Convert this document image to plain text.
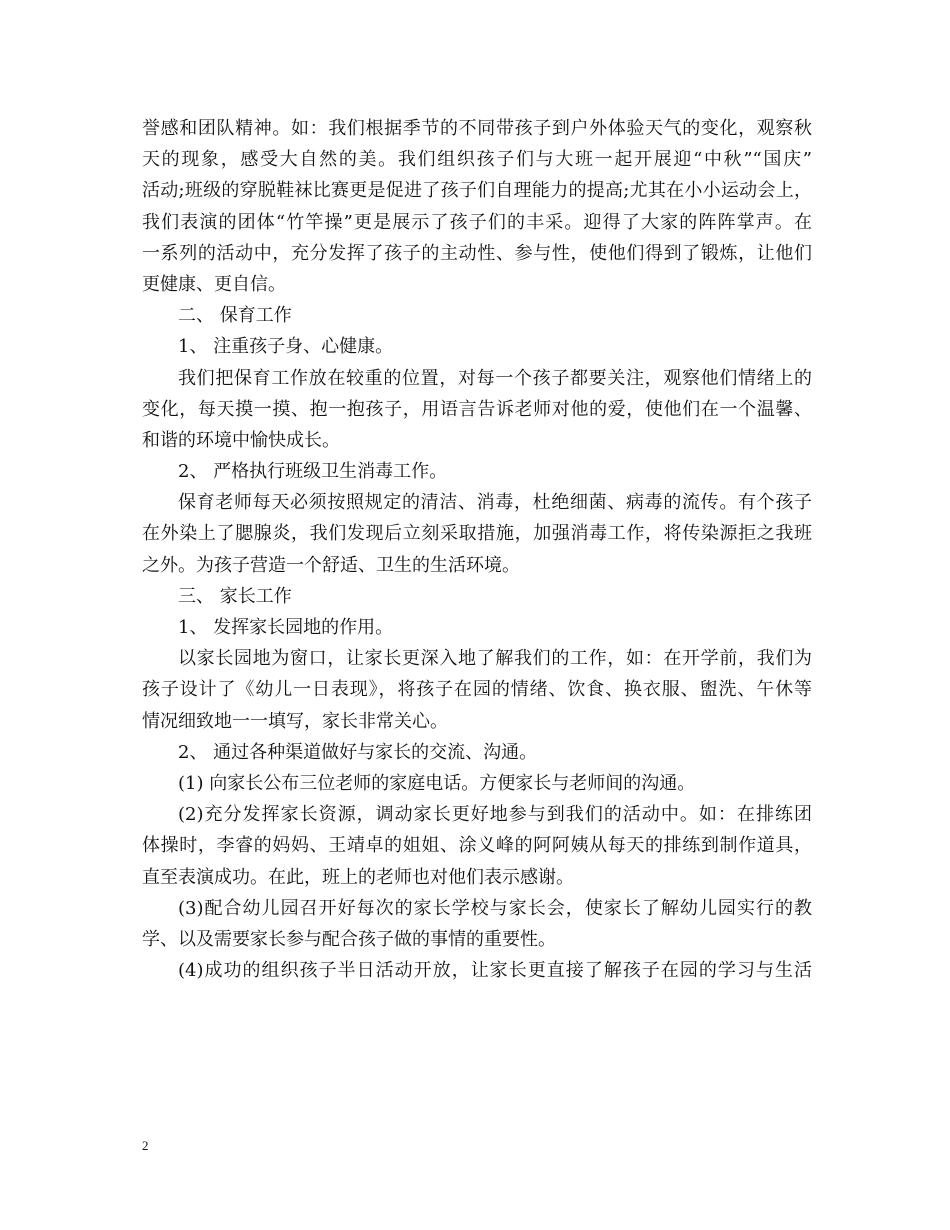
誉感和团队精神。如：我们根据季节的不同带孩子到户外体验天气的变化，观察秋
天的现象，感受大自然的美。我们组织孩子们与大班一起开展迎“中秋”“国庆”
活动;班级的穿脱鞋袜比赛更是促进了孩子们自理能力的提高;尤其在小小运动会上，
我们表演的团体“竹竿操”更是展示了孩子们的丰采。迎得了大家的阵阵掌声。在
一系列的活动中，充分发挥了孩子的主动性、参与性，使他们得到了锻炼，让他们
更健康、更自信。
二、 保育工作
1、 注重孩子身、心健康。
我们把保育工作放在较重的位置，对每一个孩子都要关注，观察他们情绪上的
变化，每天摸一摸、抱一抱孩子，用语言告诉老师对他的爱，使他们在一个温馨、
和谐的环境中愉快成长。
2、 严格执行班级卫生消毒工作。
保育老师每天必须按照规定的清洁、消毒，杜绝细菌、病毒的流传。有个孩子
在外染上了腮腺炎，我们发现后立刻采取措施，加强消毒工作，将传染源拒之我班
之外。为孩子营造一个舒适、卫生的生活环境。
三、 家长工作
1、 发挥家长园地的作用。
以家长园地为窗口，让家长更深入地了解我们的工作，如：在开学前，我们为
孩子设计了《幼儿一日表现》，将孩子在园的情绪、饮食、换衣服、盥洗、午休等
情况细致地一一填写，家长非常关心。
2、 通过各种渠道做好与家长的交流、沟通。
(1) 向家长公布三位老师的家庭电话。方便家长与老师间的沟通。
(2)充分发挥家长资源，调动家长更好地参与到我们的活动中。如：在排练团
体操时，李睿的妈妈、王靖卓的姐姐、涂义峰的阿阿姨从每天的排练到制作道具，
直至表演成功。在此，班上的老师也对他们表示感谢。
(3)配合幼儿园召开好每次的家长学校与家长会，使家长了解幼儿园实行的教
学、以及需要家长参与配合孩子做的事情的重要性。
(4)成功的组织孩子半日活动开放，让家长更直接了解孩子在园的学习与生活
2
